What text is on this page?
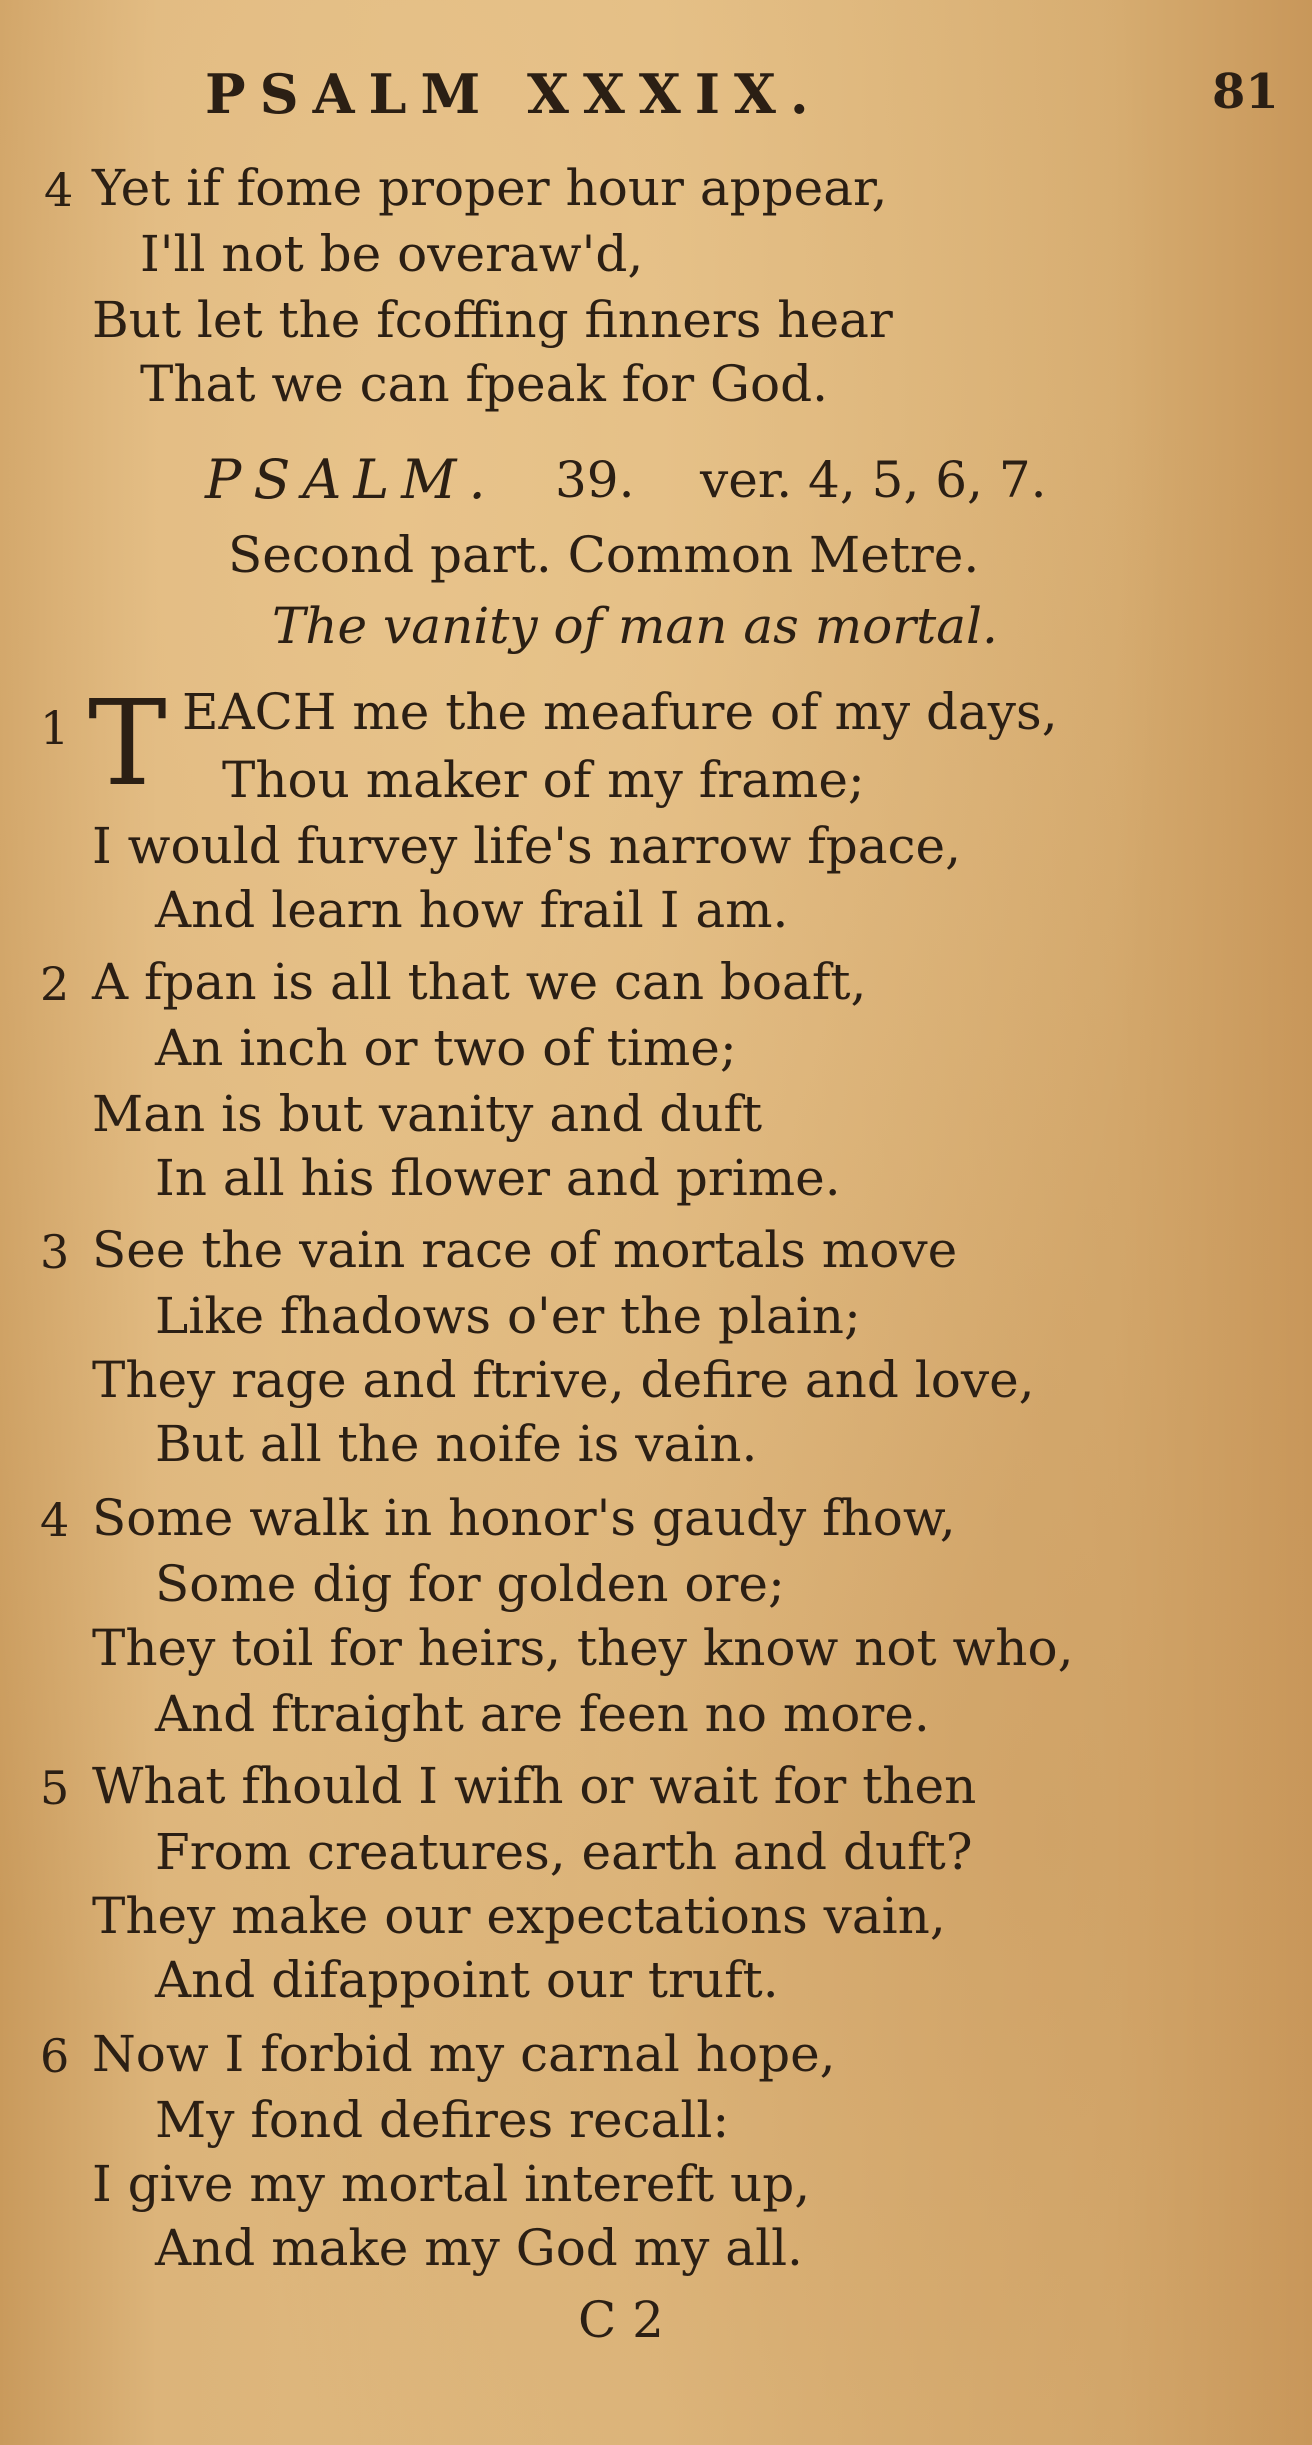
PSALM XXXIX.	81
4 Yet if fome proper hour appear,
I'll not be overaw'd,
But let the fcoffing finners hear
That we can fpeak for God.
PSALM. 39. ver. 4, 5, 6, 7.
Second part. Common Metre.
The vanity of man as mortal.
1 T EACH me the meafure of my days,
Thou maker of my frame;
I would furvey life's narrow fpace,
And learn how frail I am.
2 A fpan is all that we can boaft,
An inch or two of time;
Man is but vanity and duft
In all his flower and prime.
3 See the vain race of mortals move
Like fhadows o'er the plain;
They rage and ftrive, defire and love,
But all the noife is vain.
4 Some walk in honor's gaudy fhow,
Some dig for golden ore;
They toil for heirs, they know not who,
And ftraight are feen no more.
5 What fhould I wifh or wait for then
From creatures, earth and duft?
They make our expectations vain,
And difappoint our truft.
6 Now I forbid my carnal hope,
My fond defires recall:
I give my mortal intereft up,
And make my God my all.
C 2
